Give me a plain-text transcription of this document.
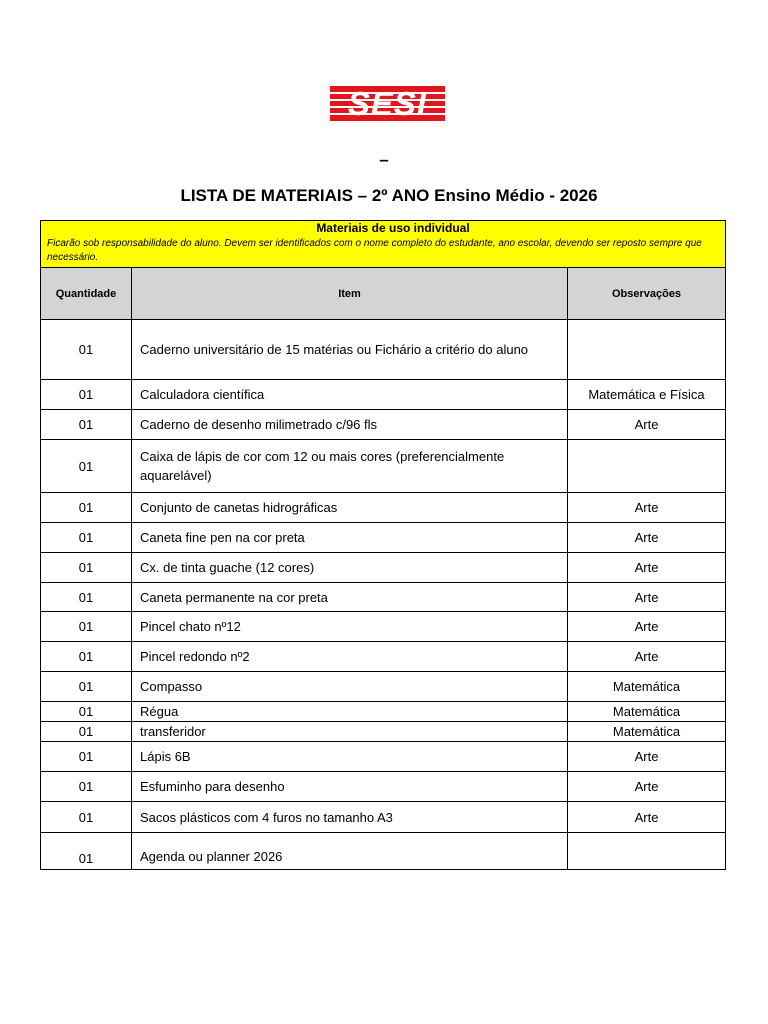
SESI
–
LISTA DE MATERIAIS – 2º ANO Ensino Médio - 2026
Materiais de uso individual
Ficarão sob responsabilidade do aluno. Devem ser identificados com o nome completo do estudante, ano escolar, devendo ser reposto sempre que necessário.		

Quantidade	Item	Observações
01	Caderno universitário de 15 matérias ou Fichário a critério do aluno	
01	Calculadora científica	Matemática e Física
01	Caderno de desenho milimetrado c/96 fls	Arte
01	Caixa de lápis de cor com 12 ou mais cores (preferencialmente aquarelável)	
01	Conjunto de canetas hidrográficas	Arte
01	Caneta fine pen na cor preta	Arte
01	Cx. de tinta guache (12 cores)	Arte
01	Caneta permanente na cor preta	Arte
01	Pincel chato nº12	Arte
01	Pincel redondo nº2	Arte
01	Compasso	Matemática
01	Régua	Matemática
01	transferidor	Matemática
01	Lápis 6B	Arte
01	Esfuminho para desenho	Arte
01	Sacos plásticos com 4 furos no tamanho A3	Arte
01	Agenda ou planner 2026	
